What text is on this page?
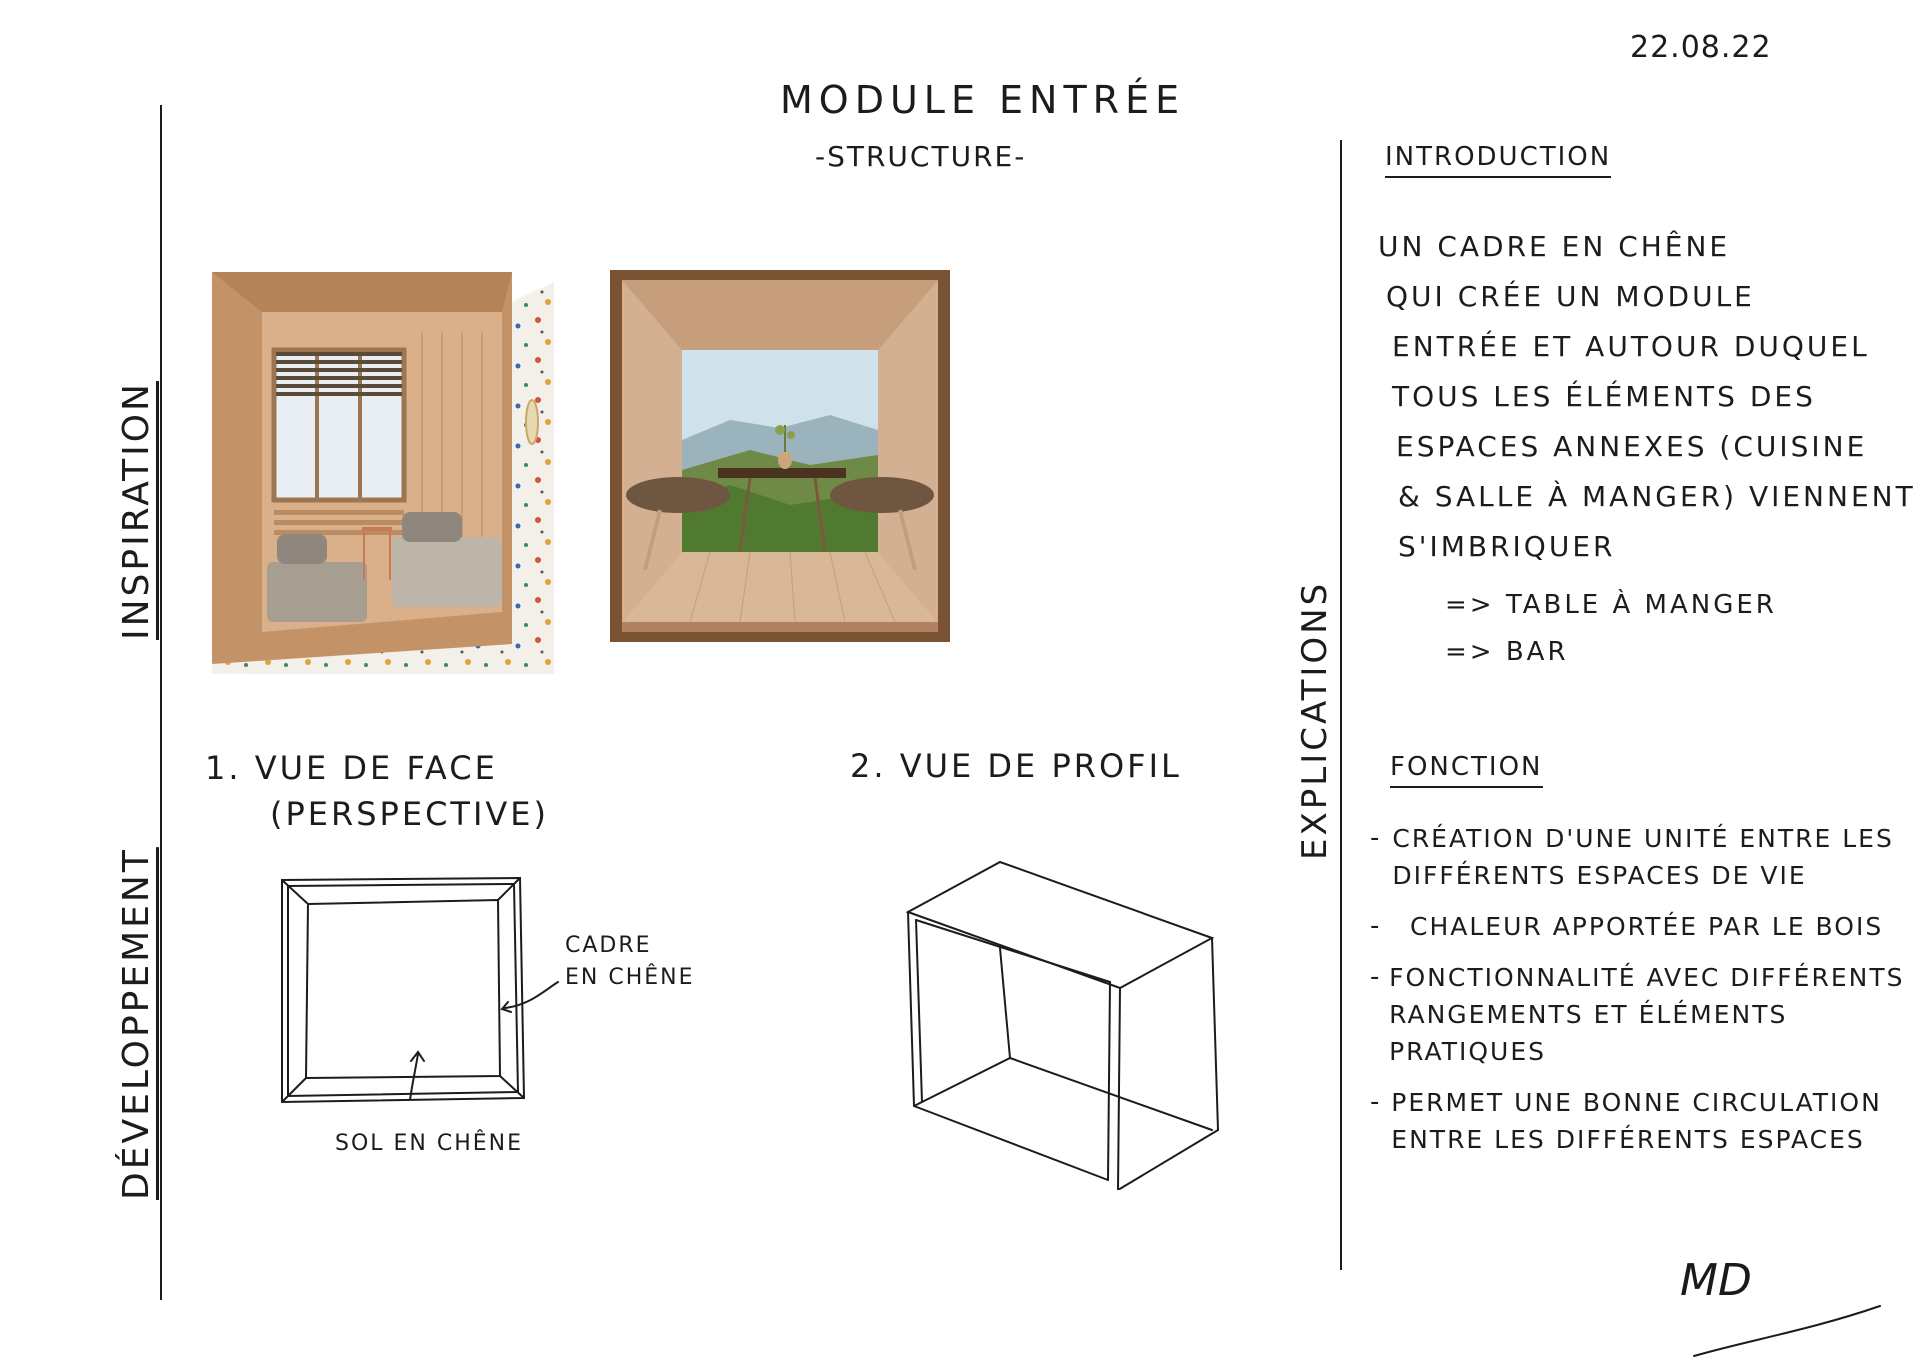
22.08.22
MODULE ENTRÉE
-STRUCTURE-
INSPIRATION
DÉVELOPPEMENT
EXPLICATIONS
1. VUE DE FACE
(PERSPECTIVE)
2. VUE DE PROFIL
CADRE
EN CHÊNE
SOL EN CHÊNE
INTRODUCTION
UN CADRE EN CHÊNE
QUI CRÉE UN MODULE
ENTRÉE ET AUTOUR DUQUEL
TOUS LES ÉLÉMENTS DES
ESPACES ANNEXES (CUISINE
& SALLE À MANGER) VIENNENT
S'IMBRIQUER
=> TABLE À MANGER
=> BAR
FONCTION
- CRÉATION D'UNE UNITÉ ENTRE LES DIFFÉRENTS ESPACES DE VIE
-	CHALEUR APPORTÉE PAR LE BOIS
- FONCTIONNALITÉ AVEC DIFFÉRENTS RANGEMENTS ET ÉLÉMENTS PRATIQUES
- PERMET UNE BONNE CIRCULATION ENTRE LES DIFFÉRENTS ESPACES
MD
